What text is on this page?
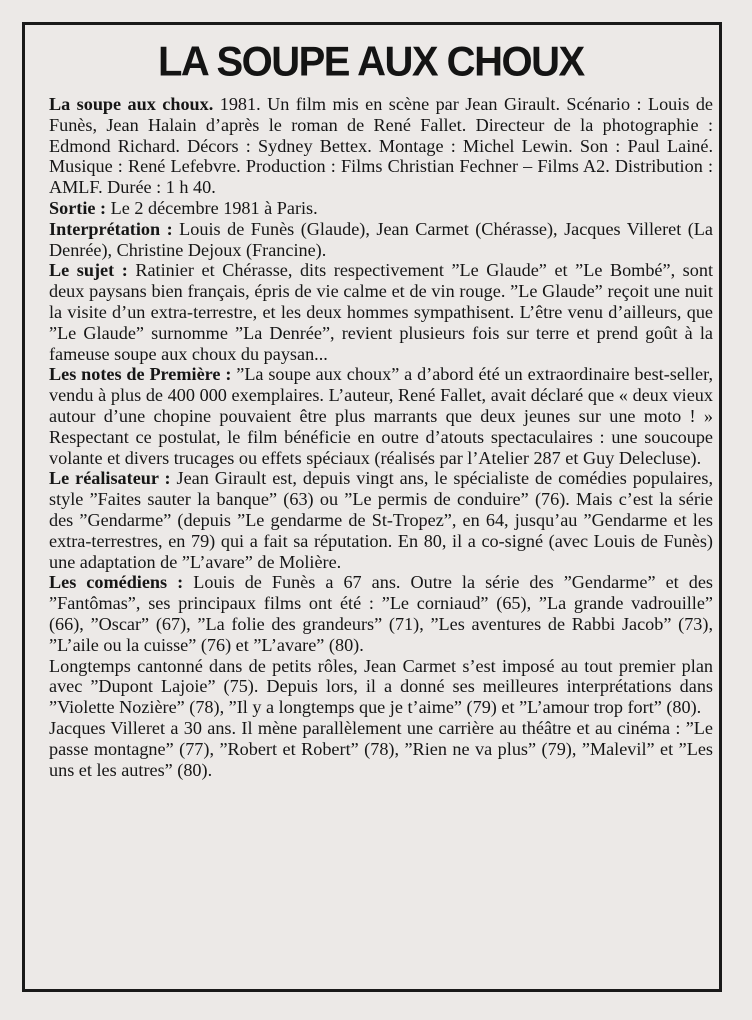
LA SOUPE AUX CHOUX

La soupe aux choux. 1981. Un film mis en scène par Jean Girault. Scénario : Louis de Funès, Jean Halain d’après le roman de René Fallet. Directeur de la photographie : Edmond Richard. Décors : Sydney Bettex. Montage : Michel Lewin. Son : Paul Lainé. Musique : René Lefebvre. Production : Films Christian Fechner – Films A2. Distribution : AMLF. Durée : 1 h 40.

Sortie : Le 2 décembre 1981 à Paris.

Interprétation : Louis de Funès (Glaude), Jean Carmet (Chérasse), Jacques Villeret (La Denrée), Christine Dejoux (Francine).

Le sujet : Ratinier et Chérasse, dits respectivement ”Le Glaude” et ”Le Bombé”, sont deux paysans bien français, épris de vie calme et de vin rouge. ”Le Glaude” reçoit une nuit la visite d’un extra-terrestre, et les deux hommes sympathisent. L’être venu d’ailleurs, que ”Le Glaude” surnomme ”La Denrée”, revient plusieurs fois sur terre et prend goût à la fameuse soupe aux choux du paysan...

Les notes de Première : ”La soupe aux choux” a d’abord été un extraordinaire best-seller, vendu à plus de 400 000 exemplaires. L’auteur, René Fallet, avait déclaré que « deux vieux autour d’une chopine pouvaient être plus marrants que deux jeunes sur une moto ! » Respectant ce postulat, le film bénéficie en outre d’atouts spectaculaires : une soucoupe volante et divers trucages ou effets spéciaux (réalisés par l’Atelier 287 et Guy Delecluse).

Le réalisateur : Jean Girault est, depuis vingt ans, le spécialiste de comédies populaires, style ”Faites sauter la banque” (63) ou ”Le permis de conduire” (76). Mais c’est la série des ”Gendarme” (depuis ”Le gendarme de St-Tropez”, en 64, jusqu’au ”Gendarme et les extra-terrestres, en 79) qui a fait sa réputation. En 80, il a co-signé (avec Louis de Funès) une adaptation de ”L’avare” de Molière.

Les comédiens : Louis de Funès a 67 ans. Outre la série des ”Gendarme” et des ”Fantômas”, ses principaux films ont été : ”Le corniaud” (65), ”La grande vadrouille” (66), ”Oscar” (67), ”La folie des grandeurs” (71), ”Les aventures de Rabbi Jacob” (73), ”L’aile ou la cuisse” (76) et ”L’avare” (80).

Longtemps cantonné dans de petits rôles, Jean Carmet s’est imposé au tout premier plan avec ”Dupont Lajoie” (75). Depuis lors, il a donné ses meilleures interprétations dans ”Violette Nozière” (78), ”Il y a longtemps que je t’aime” (79) et ”L’amour trop fort” (80).

Jacques Villeret a 30 ans. Il mène parallèlement une carrière au théâtre et au cinéma : ”Le passe montagne” (77), ”Robert et Robert” (78), ”Rien ne va plus” (79), ”Malevil” et ”Les uns et les autres” (80).
